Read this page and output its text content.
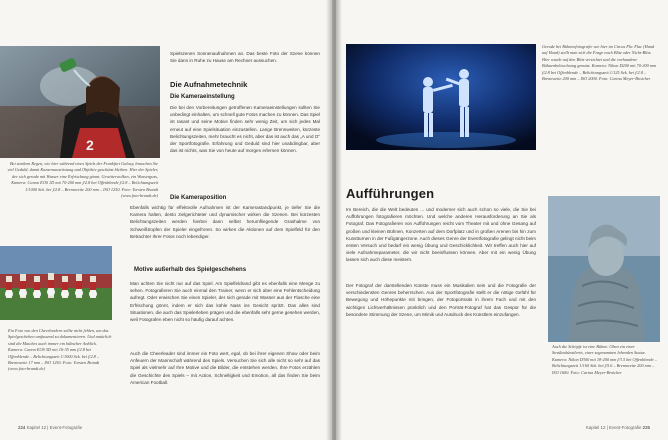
2
Bei starkem Regen, wie hier während eines Spiels der Frankfurt Galaxy, brauchen Sie viel Geduld, damit Kameraausrüstung und Objektiv geschützt bleiben. Hier der Spieler, der sich gerade mit Wasser eine Erfrischung gönnt. Gewitterwolken, ein Wasserguss, Kamera: Canon EOS 1D mit 70-200 mm f/2.8 bei Offenblende f/2.8 – Belichtungszeit 1/1000 Sek. bei f/2.8 – Brennweite 200 mm – ISO 1250. Foto: Torsten Brandt (www.foto-brandt.de)
Ein Foto von den Cheerleadern sollte nicht fehlen, um das Spielgeschehen umfassend zu dokumentieren. Und natürlich sind die Matches auch immer ein hübscher Anblick. Kamera: Canon EOS 5D mit 16-35 mm f/2.8 bei Offenblende – Belichtungszeit 1/1000 Sek. bei f/2.8 – Brennweite 17 mm – ISO 1250. Foto: Torsten Brandt (www.foto-brandt.de)
Spielszenen Sonnenaufnahmen an. Das beste Foto der Szene können Sie dann in Ruhe zu Hause am Rechner aussuchen.
Die Aufnahmetechnik
Die Kameraeinstellung
Die bei den Vorbereitungen getroffenen Kameraeinstellungen sollten Sie unbedingt einhalten, um schnell gute Fotos machen zu können. Das Spiel ist rasant und seine Motive finden sehr wenig Zeit, um sich jedes Mal erneut auf eine Spielsituation einzustellen. Lange Brennweiten, kürzeste Belichtungszeiten, mehr braucht es nicht, aber das ist auch das „A und O" der Sportfotografie. Erfahrung und Geduld sind hier unabdingbar, aber das ist nichts, was Sie von heute auf morgen erlernen können.
Die Kameraposition
Ebenfalls wichtig für effektvolle Aufnahmen ist der Kamerastandpunkt, je tiefer Sie die Kamera halten, desto zielgerichteter und dynamischer wirken die Szenen. Bei kürzesten Belichtungszeiten werden hierbei dann selbst herumfliegende Grashalme von Schweißtropfen der Spieler eingefroren. So wirken die Aktionen auf dem Spielfeld für den Betrachter Ihrer Fotos noch lebendiger.
Motive außerhalb des Spielgeschehens
Man achten Sie nicht nur auf das Spiel. Am Spielfeldrand gibt es ebenfalls eine Menge zu sehen. Fotografieren Sie auch einmal den Trainer, wenn er sich aber eine Fehlentscheidung aufregt. Oder erwischen Sie einen Spieler, der sich gerade mit Wasser aus der Flasche eine Erfrischung gönnt, indem er sich das kühle Nass ins Gesicht spritzt. Das alles sind Situationen, die auch das Spielerleben prägen und die ebenfalls sehr gerne gesehen werden, weil Fotografen eben nicht so häufig darauf achten.
Auch die Cheerleader sind immer ein Foto wert, egal, ob bei ihrer eigenen Show oder beim Anfeuern der Mannschaft während des Spiels. Versuchen Sie sich alle nicht so sehr auf das Spiel als vielmehr auf Ihre Motive und die Bilder, die entstehen werden. Ihre Fotos erzählen die Geschichte des Spiels – mit Action, Schnelligkeit und Emotion, all das finden Sie beim American Football.
224 Kapitel 12 | Event-Fotografie
Gerade bei Bühnenfotografie wie hier im Circus Flic Flac (Hand auf Hand) stellt man sich die Frage nach Blitz oder Nicht-Blitz. Hier wurde auf den Blitz verzichtet und die vorhandene Bühnenbeleuchtung genutzt. Kamera: Nikon D200 mit 70-200 mm f/2.8 bei Offenblende – Belichtungszeit 1/125 Sek. bei f/2.8 – Brennweite 200 mm – ISO 2000. Foto: Carina Meyer-Broicher
Aufführungen
Im Bereich, die die Welt bedeuten ... und moderner sich auch schon so viele, die Sie bei Aufführungen fotografieren möchten. Und welche anderen Herausforderung an Sie als Fotograf. Das Fotografieren von Aufführungen reicht vom Theater mit und ohne Gesang auf großen und kleinen Bühnen, Konzerten auf dem Dorfplatz und in großen Arenen bis hin zum Kunstturnen in der Fußgängerzone. Auch dieses Genre der Eventfotografie gelingt nicht beim ersten Versuch und bedarf ein wenig Übung und Geschicklichkeit. Wir treffen auch hier auf viele Aufnahmeparameter, die wir nicht beeinflussen können. Aber mit ein wenig Übung lassen sich auch diese meistern.
Der Fotograf der darstellenden Künste muss ein Musikalien sein und die Fotografie der verschiedensten Genres beherrschen. Aus der Sportfotografie stellt er die nötige Gefühl für Bewegung und Höhepunkte mit bringen, der Fotoportraits in ihrem Fach und mit den wichtigen Lichtverhältnissen pünktlich und den Porträt-Fotograf hat das Gespür für die besondere Stimmung der Szene, um Mimik und Ausdruck des Künstlers einzufangen.
Auch die Schöpfe ist eine Bühne. Oben ein einer Straßenkünstlerin, einer sogenannten lebenden Statue. Kamera: Nikon D300 mit 18-200 mm f/3.5 bei Offenblende – Belichtungszeit 1/160 Sek. bei f/5.6 – Brennweite 200 mm – ISO 1600. Foto: Carina Meyer-Broicher
Kapitel 12 | Event-Fotografie 225
